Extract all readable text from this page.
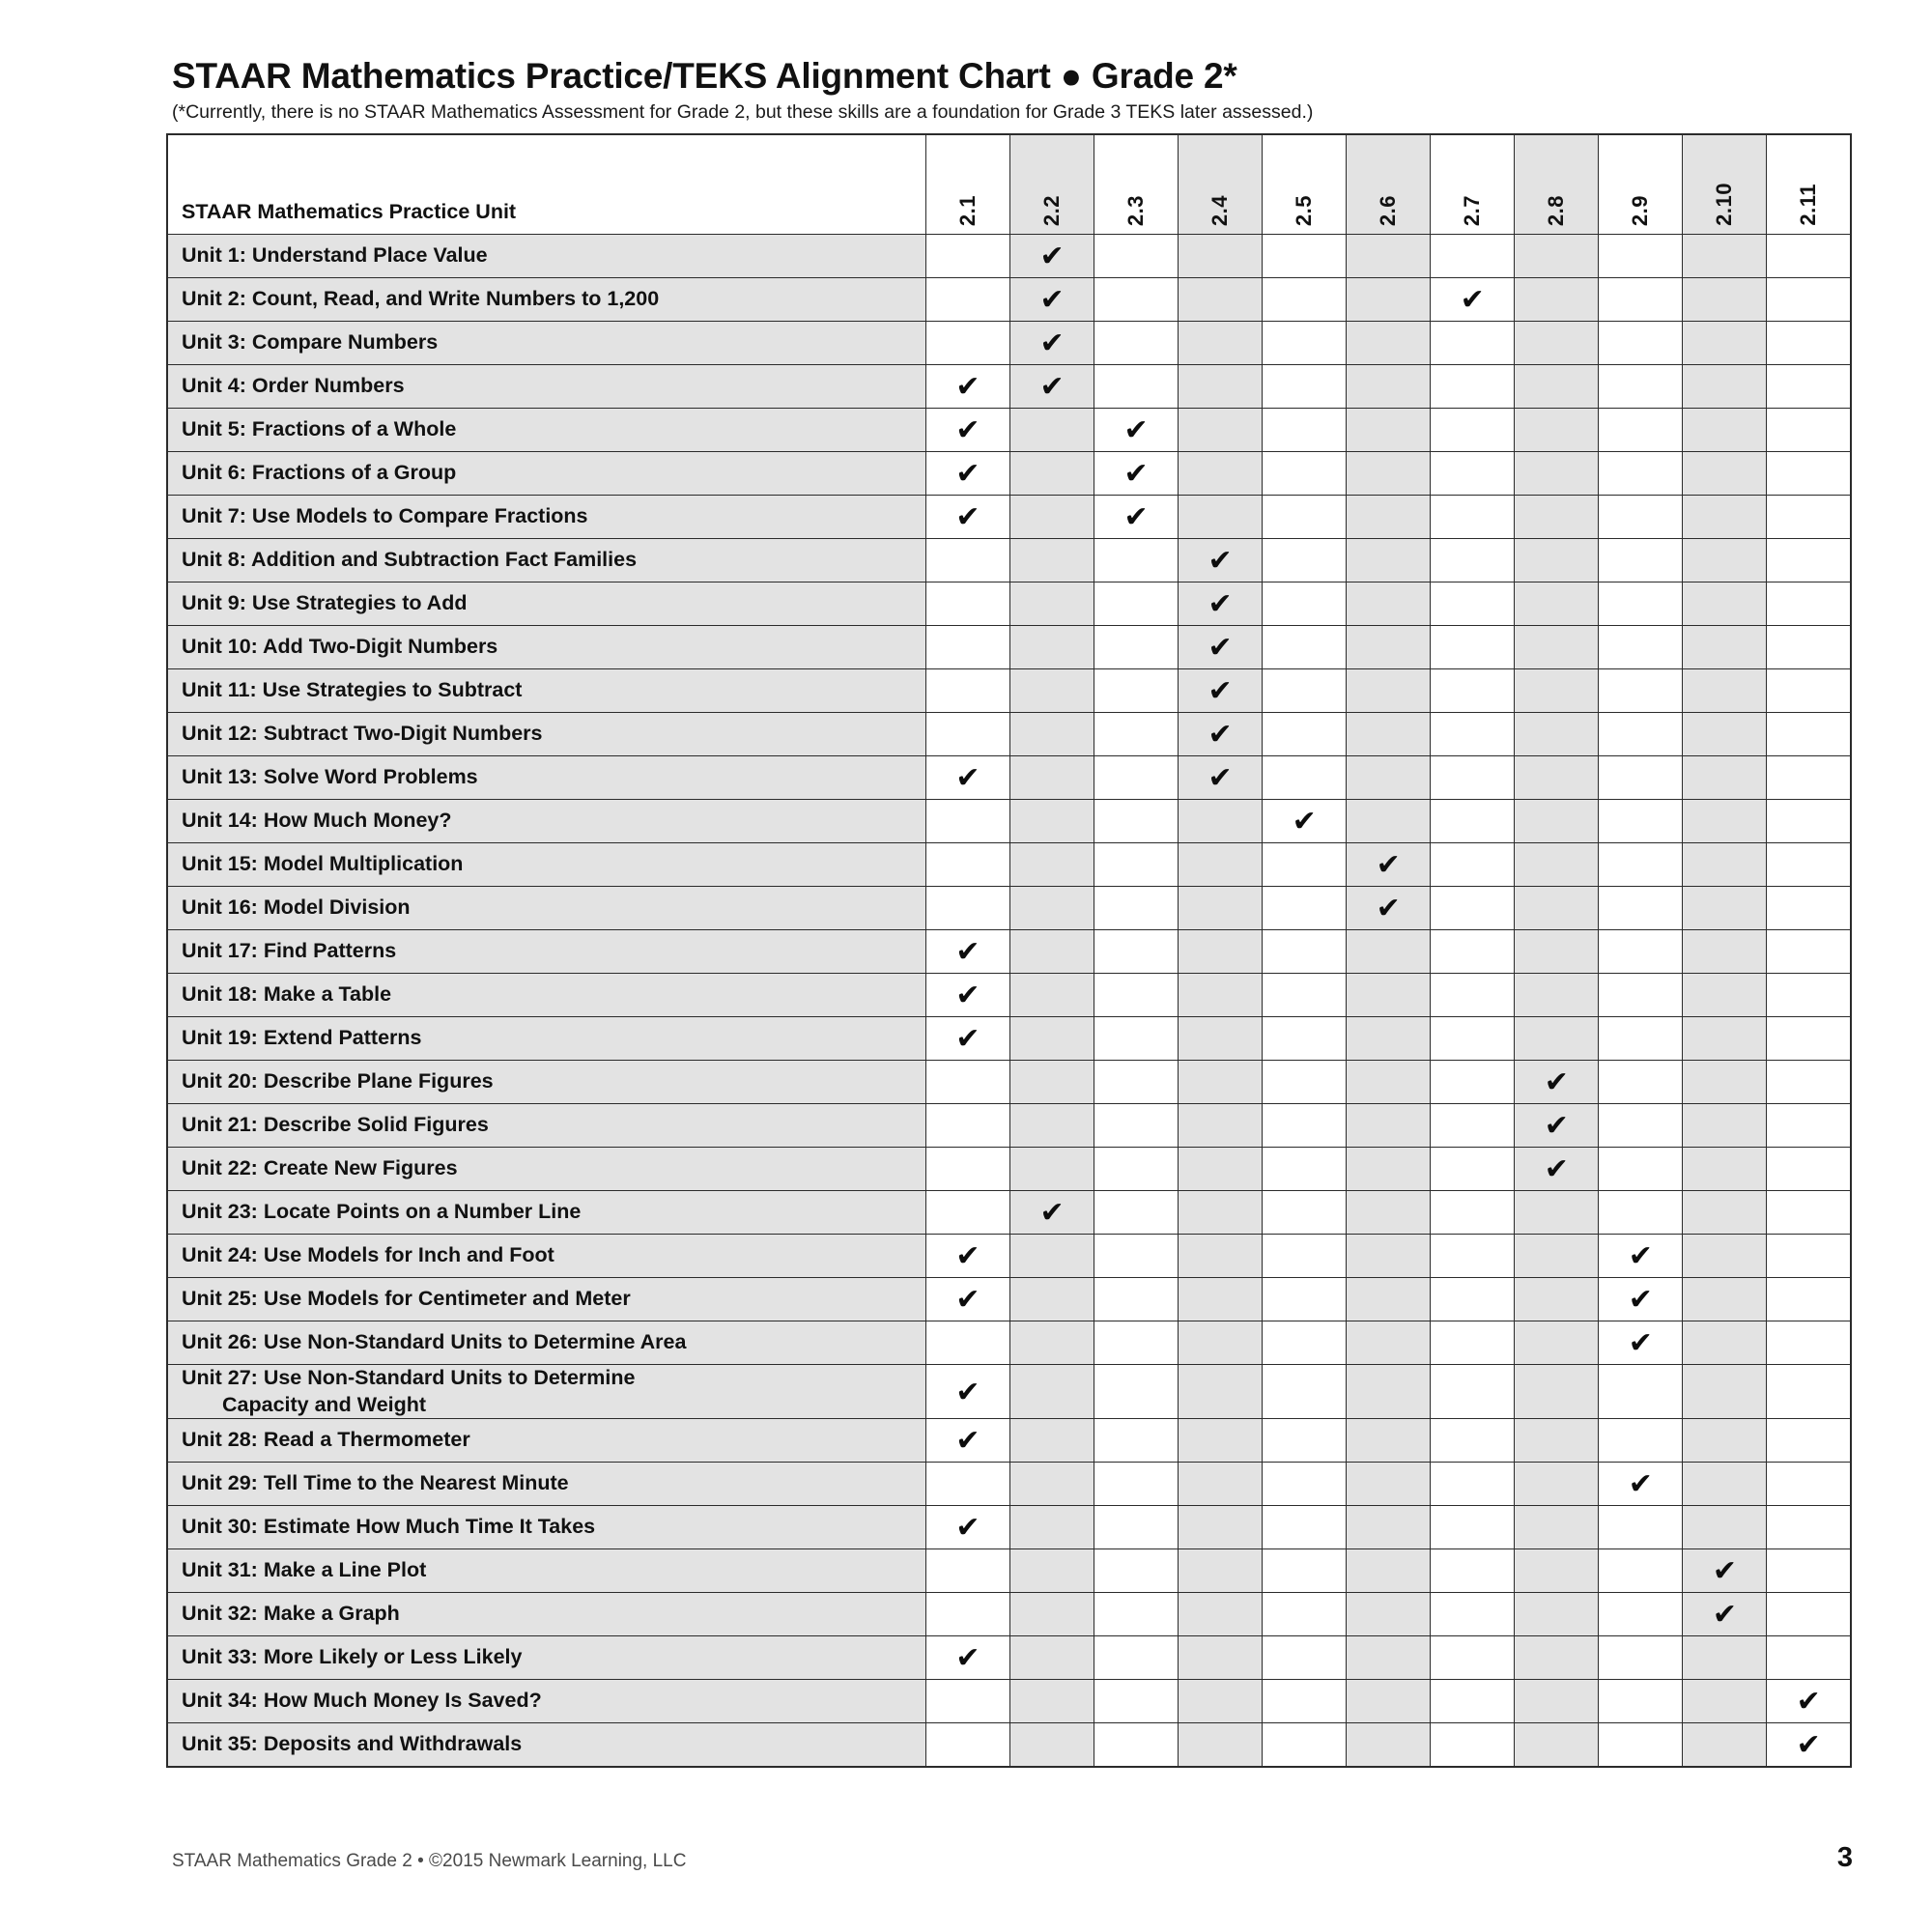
STAAR Mathematics Practice/TEKS Alignment Chart ● Grade 2*

(*Currently, there is no STAAR Mathematics Assessment for Grade 2, but these skills are a foundation for Grade 3 TEKS later assessed.)

STAAR Mathematics Practice Unit	2.1	2.2	2.3	2.4	2.5	2.6	2.7	2.8	2.9	2.10	2.11

Unit 1: Understand Place Value		✔									
Unit 2: Count, Read, and Write Numbers to 1,200		✔					✔				
Unit 3: Compare Numbers		✔									
Unit 4: Order Numbers	✔	✔									
Unit 5: Fractions of a Whole	✔		✔								
Unit 6: Fractions of a Group	✔		✔								
Unit 7: Use Models to Compare Fractions	✔		✔								
Unit 8: Addition and Subtraction Fact Families				✔							
Unit 9: Use Strategies to Add				✔							
Unit 10: Add Two-Digit Numbers				✔							
Unit 11: Use Strategies to Subtract				✔							
Unit 12: Subtract Two-Digit Numbers				✔							
Unit 13: Solve Word Problems	✔			✔							
Unit 14: How Much Money?					✔						
Unit 15: Model Multiplication						✔					
Unit 16: Model Division						✔					
Unit 17: Find Patterns	✔										
Unit 18: Make a Table	✔										
Unit 19: Extend Patterns	✔										
Unit 20: Describe Plane Figures								✔			
Unit 21: Describe Solid Figures								✔			
Unit 22: Create New Figures								✔			
Unit 23: Locate Points on a Number Line		✔									
Unit 24: Use Models for Inch and Foot	✔								✔		
Unit 25: Use Models for Centimeter and Meter	✔								✔		
Unit 26: Use Non-Standard Units to Determine Area									✔		
Unit 27: Use Non-Standard Units to Determine
Capacity and Weight	✔										
Unit 28: Read a Thermometer	✔										
Unit 29: Tell Time to the Nearest Minute									✔		
Unit 30: Estimate How Much Time It Takes	✔										
Unit 31: Make a Line Plot										✔	
Unit 32: Make a Graph										✔	
Unit 33: More Likely or Less Likely	✔										
Unit 34: How Much Money Is Saved?											✔
Unit 35: Deposits and Withdrawals											✔
STAAR Mathematics Grade 2 • ©2015 Newmark Learning, LLC	3
